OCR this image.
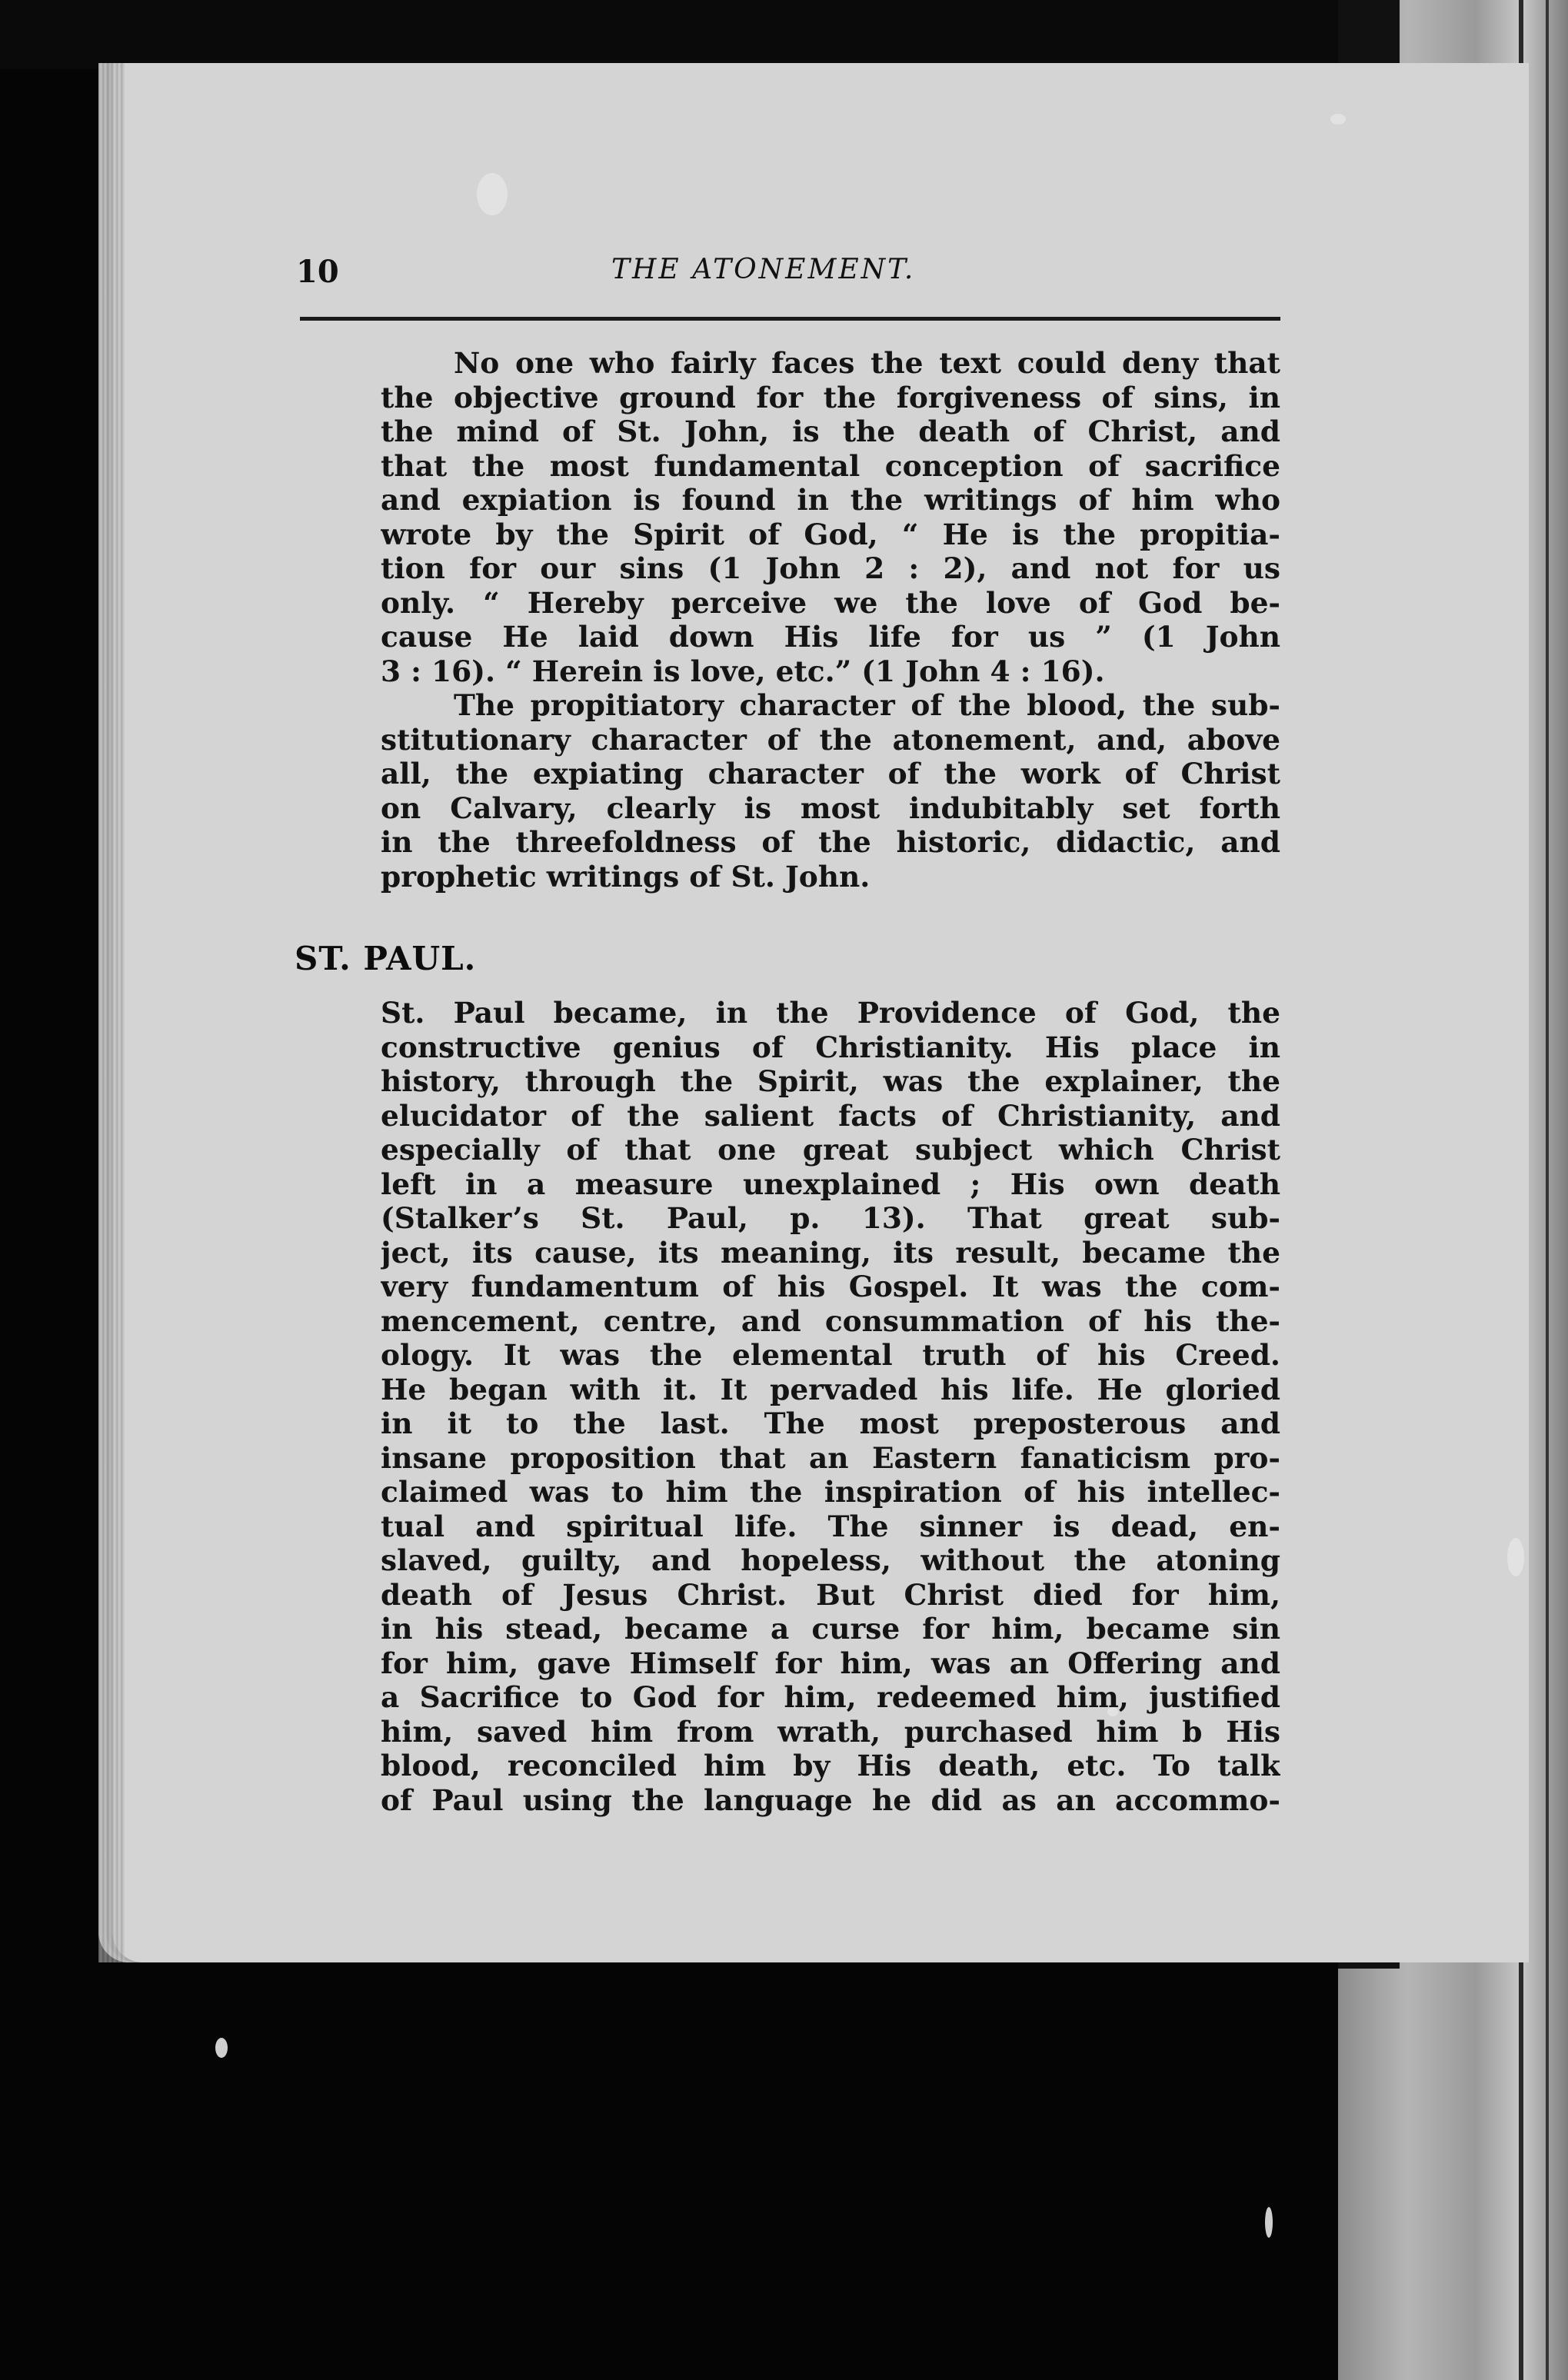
10	THE ATONEMENT.
No one who fairly faces the text could deny that
the objective ground for the forgiveness of sins, in
the mind of St. John, is the death of Christ, and
that the most fundamental conception of sacrifice
and expiation is found in the writings of him who
wrote by the Spirit of God, “ He is the propitia-
tion for our sins (1 John 2 : 2), and not for us
only. “ Hereby perceive we the love of God be-
cause He laid down His life for us ” (1 John
3 : 16). “ Herein is love, etc.” (1 John 4 : 16).
The propitiatory character of the blood, the sub-
stitutionary character of the atonement, and, above
all, the expiating character of the work of Christ
on Calvary, clearly is most indubitably set forth
in the threefoldness of the historic, didactic, and
prophetic writings of St. John.
ST. PAUL.
St. Paul became, in the Providence of God, the
constructive genius of Christianity. His place in
history, through the Spirit, was the explainer, the
elucidator of the salient facts of Christianity, and
especially of that one great subject which Christ
left in a measure unexplained ; His own death
(Stalker’s St. Paul, p. 13). That great sub-
ject, its cause, its meaning, its result, became the
very fundamentum of his Gospel. It was the com-
mencement, centre, and consummation of his the-
ology. It was the elemental truth of his Creed.
He began with it. It pervaded his life. He gloried
in it to the last. The most preposterous and
insane proposition that an Eastern fanaticism pro-
claimed was to him the inspiration of his intellec-
tual and spiritual life. The sinner is dead, en-
slaved, guilty, and hopeless, without the atoning
death of Jesus Christ. But Christ died for him,
in his stead, became a curse for him, became sin
for him, gave Himself for him, was an Offering and
a Sacrifice to God for him, redeemed him, justified
him, saved him from wrath, purchased him b His
blood, reconciled him by His death, etc. To talk
of Paul using the language he did as an accommo-
